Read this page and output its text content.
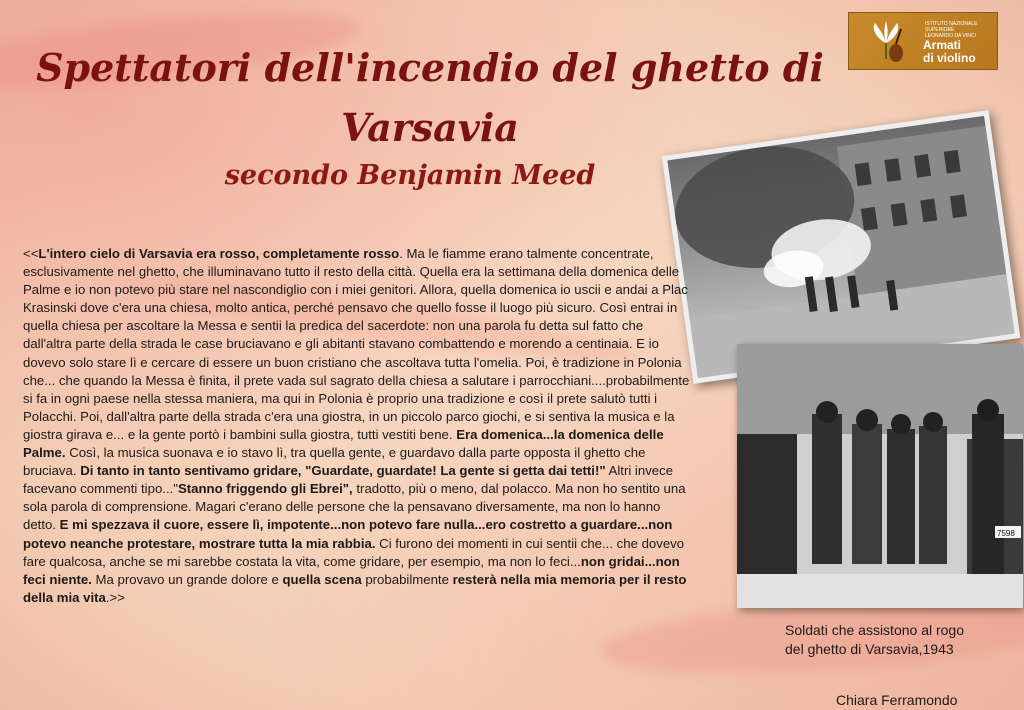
Spettatori dell'incendio del ghetto di
Varsavia
secondo Benjamin Meed
ISTITUTO NAZIONALE SUPERIORE
LEONARDO DA VINCI
Armati
di violino
7598

<<L'intero cielo di Varsavia era rosso, completamente rosso. Ma le fiamme erano talmente concentrate, esclusivamente nel ghetto, che illuminavano tutto il resto della città. Quella era la settimana della domenica delle Palme e io non potevo più stare nel nascondiglio con i miei genitori. Allora, quella domenica io uscii e andai a Plac Krasinski dove c'era una chiesa, molto antica, perché pensavo che quello fosse il luogo più sicuro. Così entrai in quella chiesa per ascoltare la Messa e sentii la predica del sacerdote: non una parola fu detta sul fatto che dall'altra parte della strada le case bruciavano e gli abitanti stavano combattendo e morendo a centinaia. E io dovevo solo stare lì e cercare di essere un buon cristiano che ascoltava tutta l'omelia. Poi, è tradizione in Polonia che... che quando la Messa è finita, il prete vada sul sagrato della chiesa a salutare i parrocchiani....probabilmente si fa in ogni paese nella stessa maniera, ma qui in Polonia è proprio una tradizione e così il prete salutò tutti i Polacchi. Poi, dall'altra parte della strada c'era una giostra, in un piccolo parco giochi, e si sentiva la musica e la giostra girava e... e la gente portò i bambini sulla giostra, tutti vestiti bene. Era domenica...la domenica delle Palme. Così, la musica suonava e io stavo lì, tra quella gente, e guardavo dalla parte opposta il ghetto che bruciava. Di tanto in tanto sentivamo gridare, "Guardate, guardate! La gente si getta dai tetti!" Altri invece facevano commenti tipo..."Stanno friggendo gli Ebrei", tradotto, più o meno, dal polacco. Ma non ho sentito una sola parola di comprensione. Magari c'erano delle persone che la pensavano diversamente, ma non lo hanno detto. E mi spezzava il cuore, essere lì, impotente...non potevo fare nulla...ero costretto a guardare...non potevo neanche protestare, mostrare tutta la mia rabbia. Ci furono dei momenti in cui sentii che... che dovevo fare qualcosa, anche se mi sarebbe costata la vita, come gridare, per esempio, ma non lo feci...non gridai...non feci niente. Ma provavo un grande dolore e quella scena probabilmente resterà nella mia memoria per il resto della mia vita.>>

Soldati che assistono al rogo
del ghetto di Varsavia,1943

Chiara Ferramondo
